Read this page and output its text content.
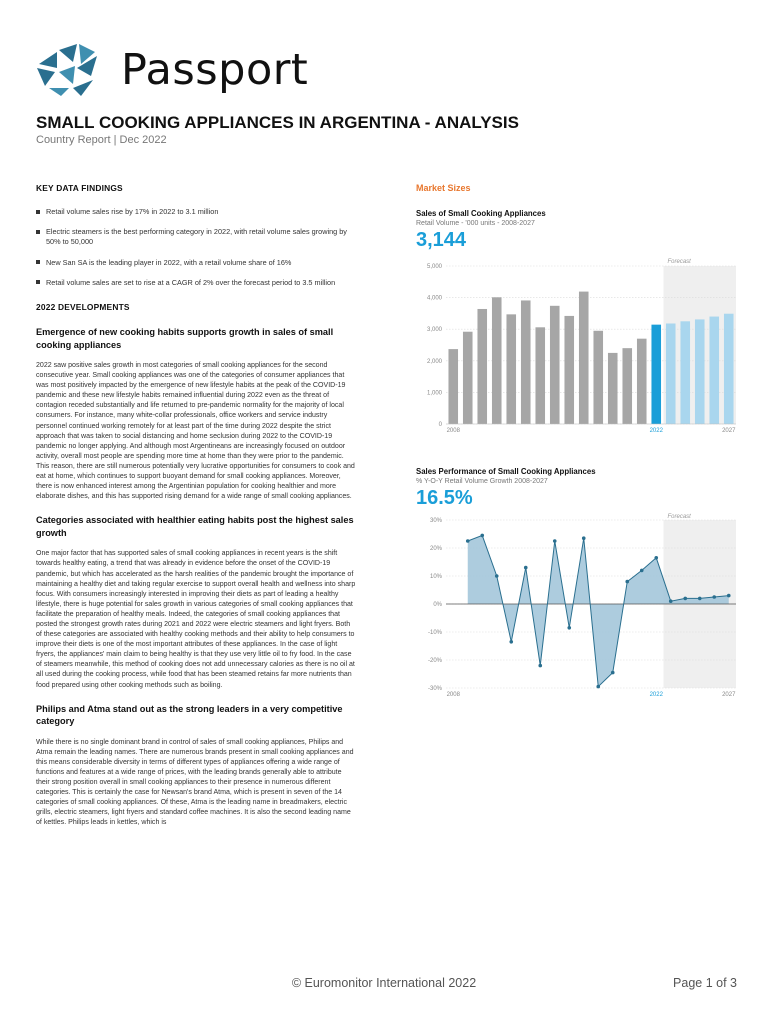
Passport
SMALL COOKING APPLIANCES IN ARGENTINA - ANALYSIS
Country Report | Dec 2022
KEY DATA FINDINGS
Retail volume sales rise by 17% in 2022 to 3.1 million
Electric steamers is the best performing category in 2022, with retail volume sales growing by 50% to 50,000
New San SA is the leading player in 2022, with a retail volume share of 16%
Retail volume sales are set to rise at a CAGR of 2% over the forecast period to 3.5 million
2022 DEVELOPMENTS
Emergence of new cooking habits supports growth in sales of small cooking appliances

2022 saw positive sales growth in most categories of small cooking appliances for the second consecutive year. Small cooking appliances was one of the categories of consumer appliances that was most positively impacted by the emergence of new lifestyle habits at the peak of the COVID-19 pandemic and these new lifestyle habits remained influential during 2022 even as the threat of contagion receded substantially and life returned to pre-pandemic normality for the majority of local consumers. For instance, many white-collar professionals, office workers and service industry personnel continued working remotely for at least part of the time during 2022 despite the strict approach that was taken to social distancing and home seclusion during 2022 to the COVID-19 pandemic no longer applying. And although most Argentineans are increasingly focused on outdoor activity, overall most people are spending more time at home than they were prior to the pandemic. This reason, there are still numerous potentially very lucrative opportunities for consumers to cook and eat at home, which continues to support buoyant demand for small cooking appliances. Moreover, there is now enhanced interest among the Argentinian population for cooking healthier and more elaborate dishes, and this has supported rising demand for a wide range of small cooking appliances.

Categories associated with healthier eating habits post the highest sales growth

One major factor that has supported sales of small cooking appliances in recent years is the shift towards healthy eating, a trend that was already in evidence before the onset of the COVID-19 pandemic, but which has accelerated as the harsh realities of the pandemic brought the importance of maintaining a healthy diet and taking regular exercise to support overall health and wellness into sharp focus. With consumers increasingly interested in improving their diets as part of leading a healthy lifestyle, there is huge potential for sales growth in various categories of small cooking appliances that facilitate the preparation of healthy meals. Indeed, the categories of small cooking appliances that posted the strongest growth rates during 2021 and 2022 were electric steamers and light fryers. Both of these categories are associated with healthy cooking methods and their ability to help consumers to improve their diets is one of the most important attributes of these appliances. In the case of light fryers, the appliances' main claim to being healthy is that they use very little oil to fry food. In the case of steamers meanwhile, this method of cooking does not add unnecessary calories as there is no oil at all used during the cooking process, while food that has been steamed retains far more nutrients than food prepared using other cooking methods such as boiling.

Philips and Atma stand out as the strong leaders in a very competitive category

While there is no single dominant brand in control of sales of small cooking appliances, Philips and Atma remain the leading names. There are numerous brands present in small cooking appliances and this means considerable diversity in terms of different types of appliances offering a wide range of functions and features at a wide range of prices, with the leading brands generally able to attribute their strong position overall in small cooking appliances to their presence in numerous different categories. This is certainly the case for Newsan's brand Atma, which is present in seven of the 14 categories of small cooking appliances. Of these, Atma is the leading name in breadmakers, electric grills, electric steamers, light fryers and standard coffee machines. It is also the second leading name of kettles. Philips leads in kettles, which is

Market Sizes
Sales of Small Cooking Appliances
Retail Volume - '000 units - 2008-2027
3,144
Forecast
0
1,000
2,000
3,000
4,000
5,000
2008	2022	2027
Sales Performance of Small Cooking Appliances
% Y-O-Y Retail Volume Growth 2008-2027
16.5%
Forecast
30%
20%
10%
0%
-10%
-20%
-30%
2008	2022	2027
© Euromonitor International 2022	Page 1 of 3
